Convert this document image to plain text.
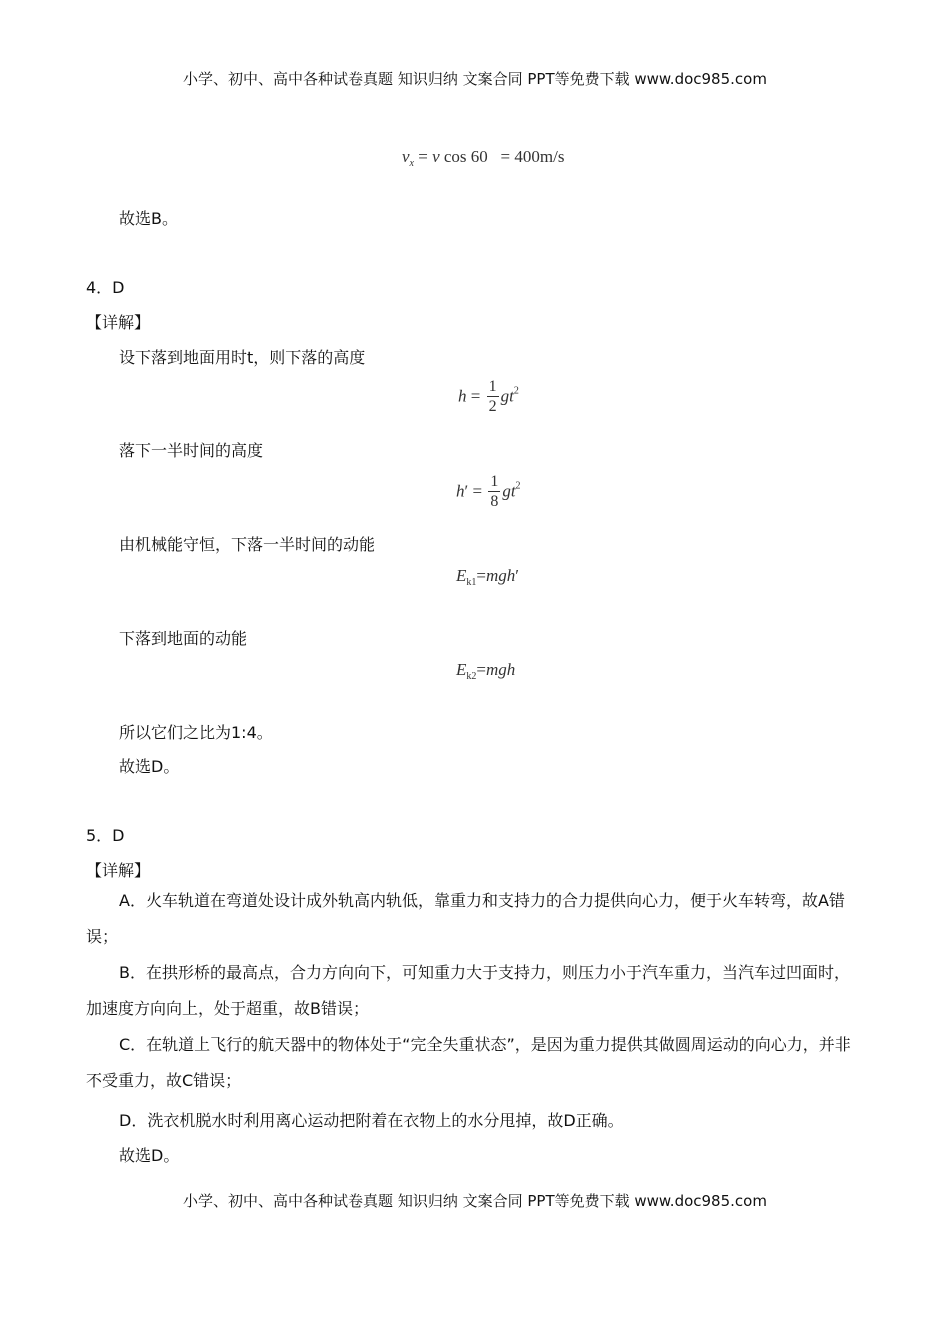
小学、初中、高中各种试卷真题 知识归纳 文案合同 PPT等免费下载 www.doc985.com
$v_x = v$ cos 60   = 400m/s
故选B。
4．D
【详解】
设下落到地面用时t，则下落的高度
$h = \frac{1}{2} gt^2$
落下一半时间的高度
$h' = \frac{1}{8} gt^2$
由机械能守恒，下落一半时间的动能
$E_{k1}=mgh'$
下落到地面的动能
$E_{k2}=mgh$
所以它们之比为1:4。
故选D。
5．D
【详解】
A．火车轨道在弯道处设计成外轨高内轨低，靠重力和支持力的合力提供向心力，便于火车转弯，故A错误；
B．在拱形桥的最高点，合力方向向下，可知重力大于支持力，则压力小于汽车重力，当汽车过凹面时，加速度方向向上，处于超重，故B错误；
C．在轨道上飞行的航天器中的物体处于“完全失重状态”，是因为重力提供其做圆周运动的向心力，并非不受重力，故C错误；
D．洗衣机脱水时利用离心运动把附着在衣物上的水分甩掉，故D正确。
故选D。
小学、初中、高中各种试卷真题 知识归纳 文案合同 PPT等免费下载 www.doc985.com
